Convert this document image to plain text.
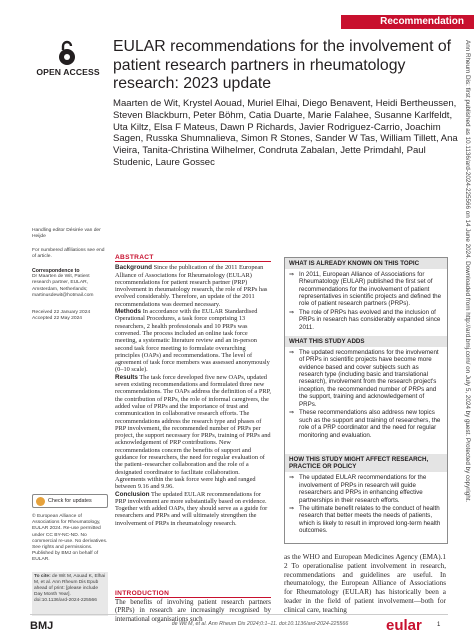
Recommendation
OPEN ACCESS
EULAR recommendations for the involvement of patient research partners in rheumatology research: 2023 update
Maarten de Wit, Krystel Aouad, Muriel Elhai, Diego Benavent, Heidi Bertheussen, Steven Blackburn, Peter Böhm, Catia Duarte, Marie Falahee, Susanne Karlfeldt, Uta Kiltz, Elsa F Mateus, Dawn P Richards, Javier Rodriguez-Carrio, Joachim Sagen, Russka Shumnalieva, Simon R Stones, Sander W Tas, William Tillett, Ana Vieira, Tanita-Christina Wilhelmer, Condruta Zabalan, Jette Primdahl, Paul Studenic, Laure Gossec
Handling editor Désirée van der Heijde
For numbered affiliations see end of article.
Correspondence to
Dr Maarten de Wit, Patient research partner, EULAR, Amsterdam, Netherlands; martinusdewit@hotmail.com
Received 22 January 2024
Accepted 22 May 2024
Check for updates
© European Alliance of Associations for Rheumatology, EULAR 2024. Re-use permitted under CC BY-NC-ND. No commercial re-use. No derivatives. See rights and permissions. Published by BMJ on behalf of EULAR.
To cite: de Wit M, Aouad K, Elhai M, et al. Ann Rheum Dis Epub ahead of print: [please include Day Month Year]. doi:10.1136/ard-2024-225566
ABSTRACT

Background Since the publication of the 2011 European Alliance of Associations for Rheumatology (EULAR) recommendations for patient research partner (PRP) involvement in rheumatology research, the role of PRPs has evolved considerably. Therefore, an update of the 2011 recommendations was deemed necessary.

Methods In accordance with the EULAR Standardised Operational Procedures, a task force comprising 13 researchers, 2 health professionals and 10 PRPs was convened. The process included an online task force meeting, a systematic literature review and an in-person second task force meeting to formulate overarching principles (OAPs) and recommendations. The level of agreement of task force members was assessed anonymously (0–10 scale).

Results The task force developed five new OAPs, updated seven existing recommendations and formulated three new recommendations. The OAPs address the definition of a PRP, the contribution of PRPs, the role of informal caregivers, the added value of PRPs and the importance of trust and communication in collaborative research efforts. The recommendations address the research type and phases of PRP involvement, the recommended number of PRPs per project, the support necessary for PRPs, training of PRPs and acknowledgement of PRP contributions. New recommendations concern the benefits of support and guidance for researchers, the need for regular evaluation of the patient–researcher collaboration and the role of a designated coordinator to facilitate collaboration. Agreements within the task force were high and ranged between 9.16 and 9.96.

Conclusion The updated EULAR recommendations for PRP involvement are more substantially based on evidence. Together with added OAPs, they should serve as a guide for researchers and PRPs and will ultimately strengthen the involvement of PRPs in rheumatology research.

INTRODUCTION
The benefits of involving patient research partners (PRPs) in research are increasingly recognised by international organisations such
as the WHO and European Medicines Agency (EMA).1 2 To operationalise patient involvement in research, recommendations and guidelines are useful. In rheumatology, the European Alliance of Associations for Rheumatology (EULAR) has historically been a leader in the field of patient involvement—both for clinical care, teaching
WHAT IS ALREADY KNOWN ON THIS TOPIC
⇒ In 2011, European Alliance of Associations for Rheumatology (EULAR) published the first set of recommendations for the involvement of patient representatives in scientific projects and defined the role of patient research partners (PRPs).
⇒ The role of PRPs has evolved and the inclusion of PRPs in research has considerably expanded since 2011.
WHAT THIS STUDY ADDS
⇒ The updated recommendations for the involvement of PRPs in scientific projects have become more evidence based and cover subjects such as research type (including basic and translational research), involvement from the research project's inception, the recommended number of PRPs and the support, training and acknowledgement of PRPs.
⇒ These recommendations also address new topics such as the support and training of researchers, the role of a PRP coordinator and the need for regular monitoring and evaluation.
HOW THIS STUDY MIGHT AFFECT RESEARCH, PRACTICE OR POLICY
⇒ The updated EULAR recommendations for the involvement of PRPs in research will guide researchers and PRPs in enhancing effective partnerships in their research efforts.
⇒ The ultimate benefit relates to the conduct of health research that better meets the needs of patients, which is likely to result in improved long-term health outcomes.
BMJ	de Wit M, et al. Ann Rheum Dis 2024;0:1–11. doi:10.1136/ard-2024-225566	eular	1
Ann Rheum Dis: first published as 10.1136/ard-2024-225566 on 14 June 2024. Downloaded from http://ard.bmj.com/ on July 5, 2024 by guest. Protected by copyright.
